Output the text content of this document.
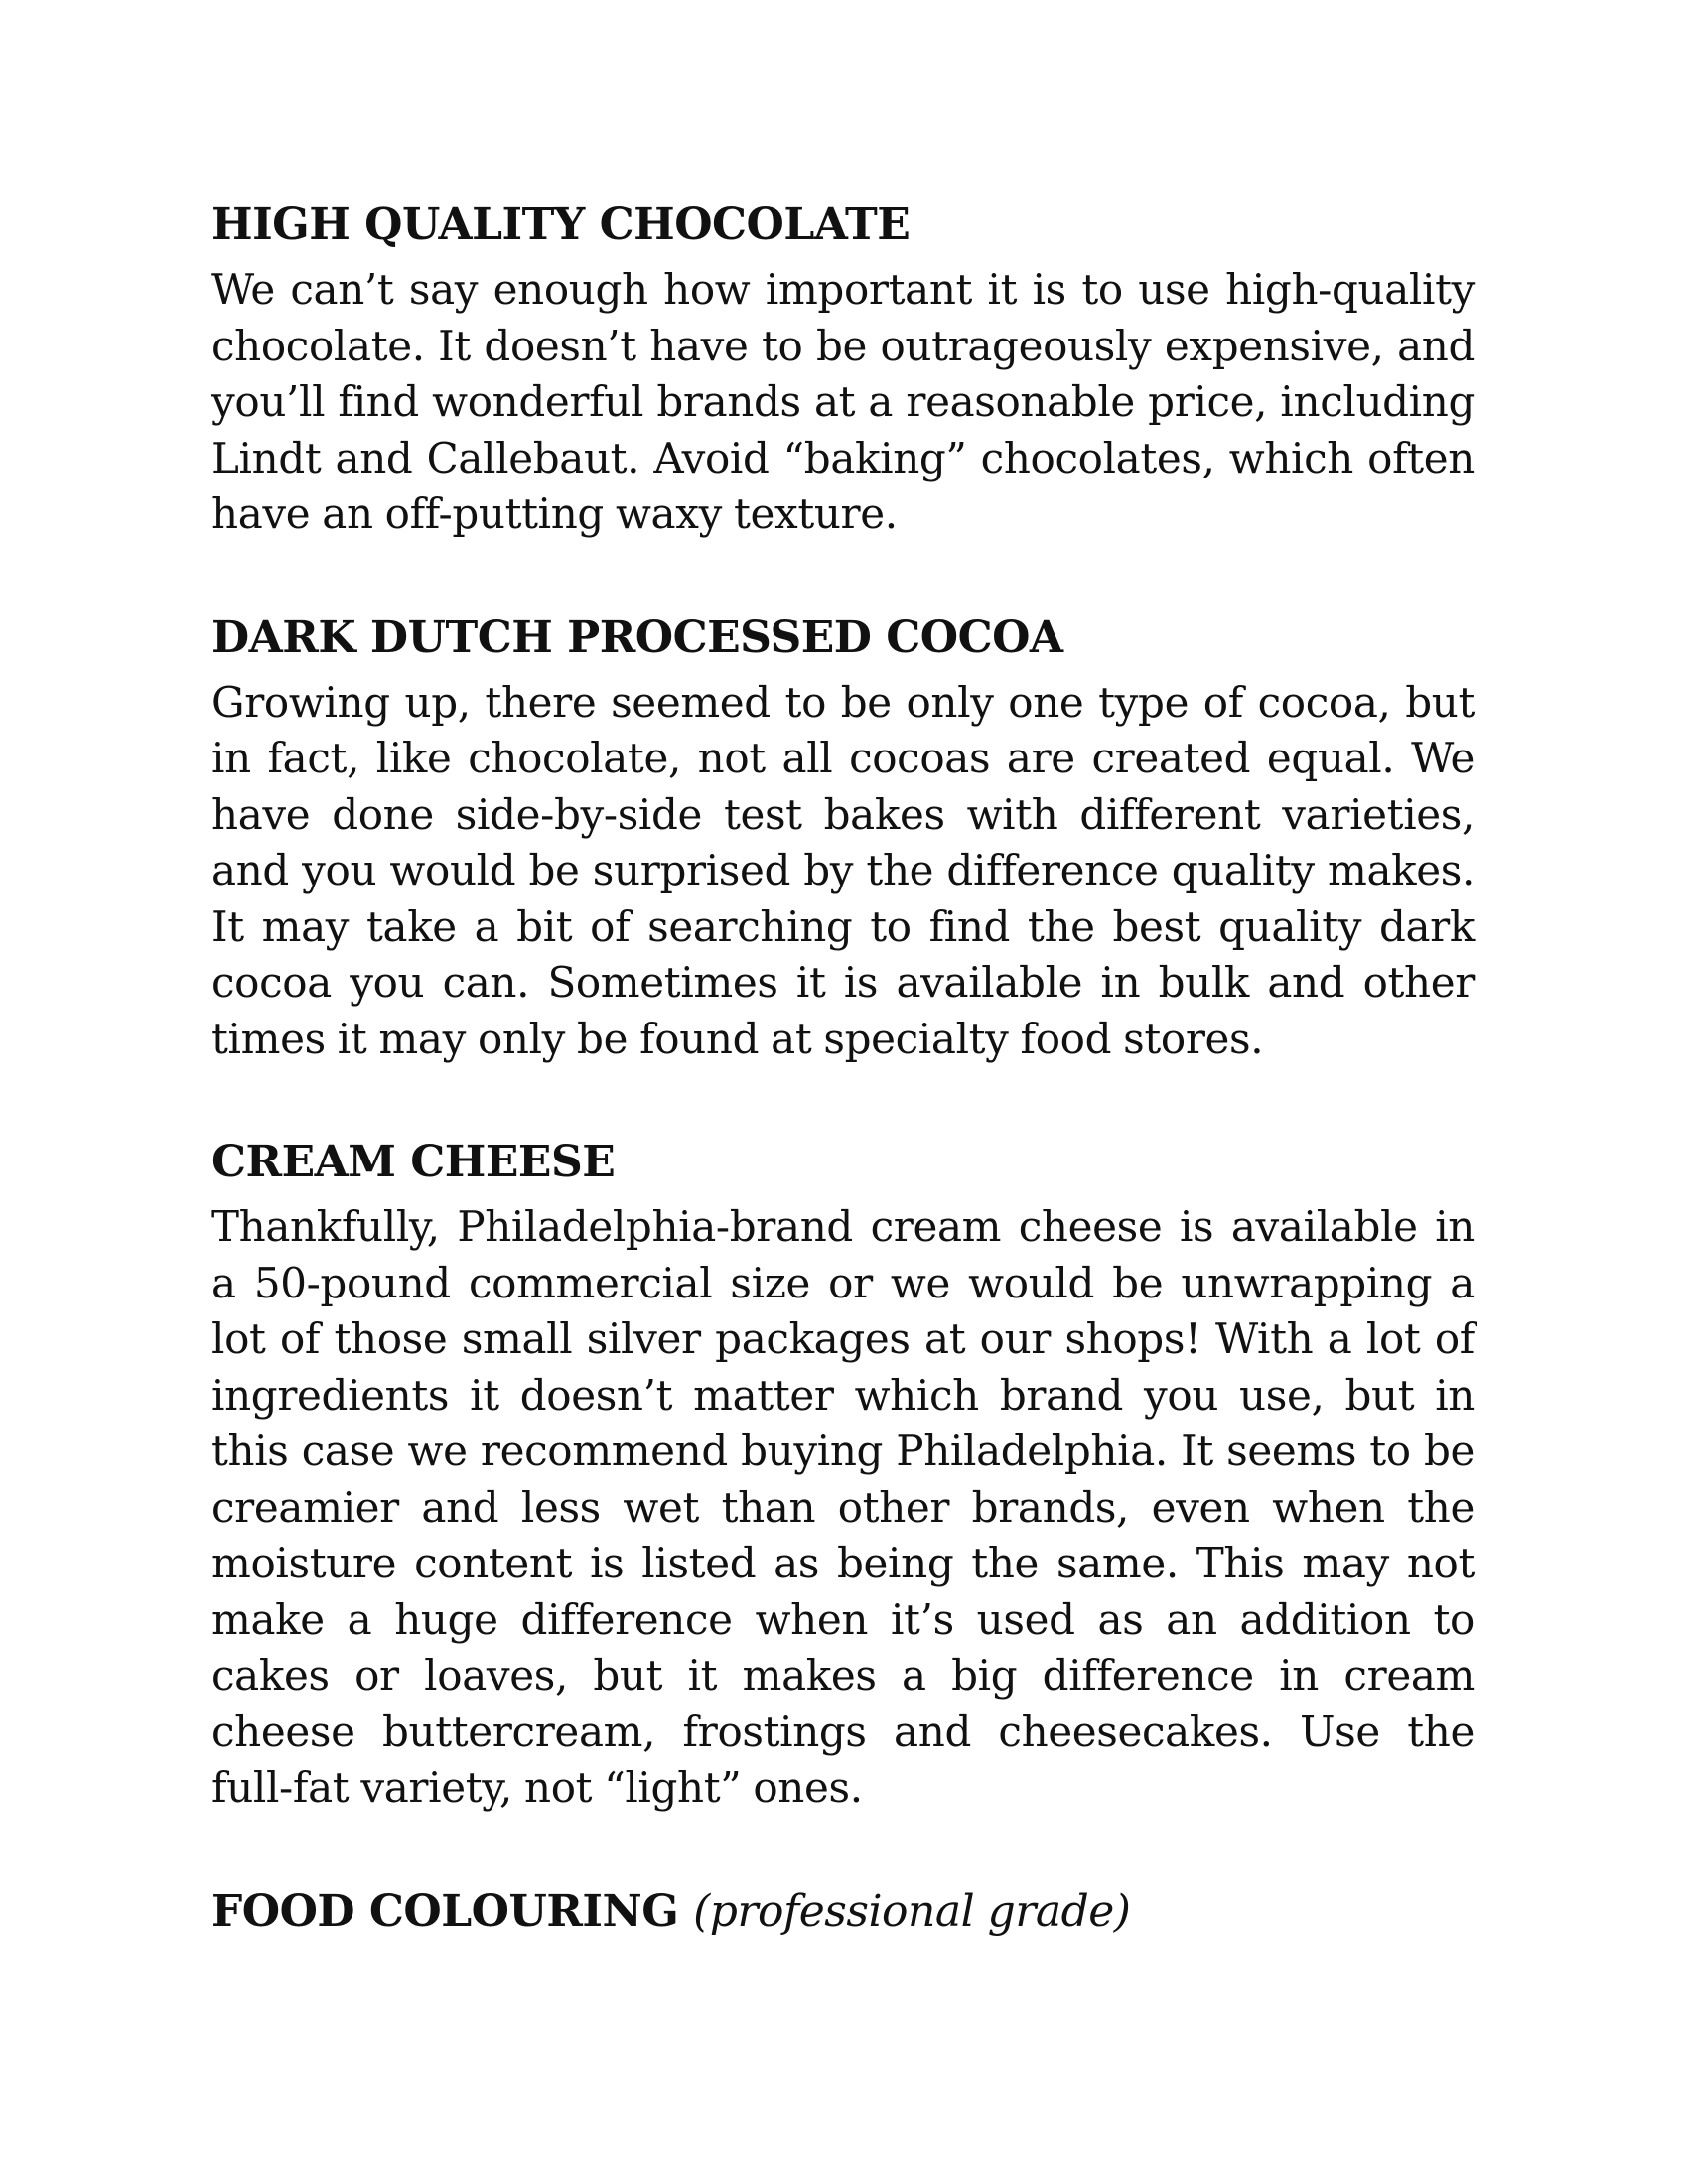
HIGH QUALITY CHOCOLATE

We can’t say enough how important it is to use high-quality chocolate. It doesn’t have to be outrageously expensive, and you’ll find wonderful brands at a reasonable price, including Lindt and Callebaut. Avoid “baking” chocolates, which often have an off-putting waxy texture.

DARK DUTCH PROCESSED COCOA

Growing up, there seemed to be only one type of cocoa, but in fact, like chocolate, not all cocoas are created equal. We have done side-by-side test bakes with different varieties, and you would be surprised by the difference quality makes. It may take a bit of searching to find the best quality dark cocoa you can. Sometimes it is available in bulk and other times it may only be found at specialty food stores.

CREAM CHEESE

Thankfully, Philadelphia-brand cream cheese is available in a 50-pound commercial size or we would be unwrapping a lot of those small silver packages at our shops! With a lot of ingredients it doesn’t matter which brand you use, but in this case we recommend buying Philadelphia. It seems to be creamier and less wet than other brands, even when the moisture content is listed as being the same. This may not make a huge difference when it’s used as an addition to cakes or loaves, but it makes a big difference in cream cheese buttercream, frostings and cheesecakes. Use the full-fat variety, not “light” ones.

FOOD COLOURING (professional grade)
